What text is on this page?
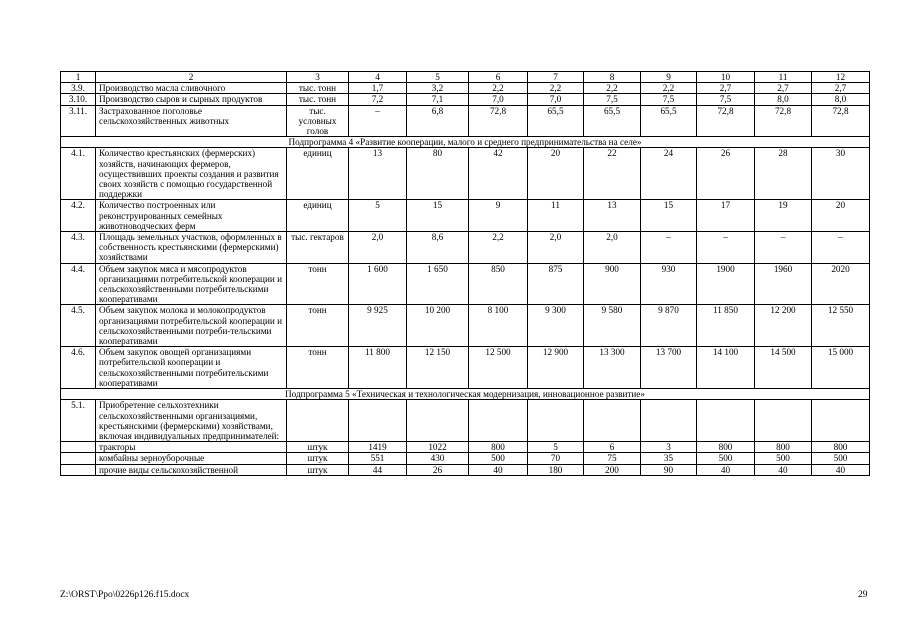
1	2	3	4	5	6	7	8	9	10	11	12
3.9.	Производство масла сливочного	тыс. тонн	1,7	3,2	2,2	2,2	2,2	2,2	2,7	2,7	2,7
3.10.	Производство сыров и сырных продуктов	тыс. тонн	7,2	7,1	7,0	7,0	7,5	7,5	7,5	8,0	8,0
3.11.	Застрахованное поголовье сельскохозяйственных животных	тыс. условных голов	–	6,8	72,8	65,5	65,5	65,5	72,8	72,8	72,8
Подпрограмма 4 «Развитие кооперации, малого и среднего предпринимательства на селе»											
4.1.	Количество крестьянских (фермерских) хозяйств, начинающих фермеров, осуществивших проекты создания и развития своих хозяйств с помощью государственной поддержки	единиц	13	80	42	20	22	24	26	28	30
4.2.	Количество построенных или реконструированных семейных животноводческих ферм	единиц	5	15	9	11	13	15	17	19	20
4.3.	Площадь земельных участков, оформленных в собственность крестьянскими (фермерскими) хозяйствами	тыс. гектаров	2,0	8,6	2,2	2,0	2,0	–	–	–	–
4.4.	Объем закупок мяса и мясопродуктов организациями потребительской кооперации и сельскохозяйственными потребительскими кооперативами	тонн	1 600	1 650	850	875	900	930	1900	1960	2020
4.5.	Объем закупок молока и молокопродуктов организациями потребительской кооперации и сельскохозяйственными потреби-тельскими кооперативами	тонн	9 925	10 200	8 100	9 300	9 580	9 870	11 850	12 200	12 550
4.6.	Объем закупок овощей организациями потребительской кооперации и сельскохозяйственными потребительскими кооперативами	тонн	11 800	12 150	12 500	12 900	13 300	13 700	14 100	14 500	15 000
Подпрограмма 5 «Техническая и технологическая модернизация, инновационное развитие»											
5.1.	Приобретение сельхозтехники сельскохозяйственными организациями, крестьянскими (фермерскими) хозяйствами, включая индивидуальных предпринимателей:										
	тракторы	штук	1419	1022	800	5	6	3	800	800	800
	комбайны зерноуборочные	штук	551	430	500	70	75	35	500	500	500
	прочие виды сельскохозяйственной	штук	44	26	40	180	200	90	40	40	40
Z:\ORST\Ppo\0226p126.f15.docx	29
